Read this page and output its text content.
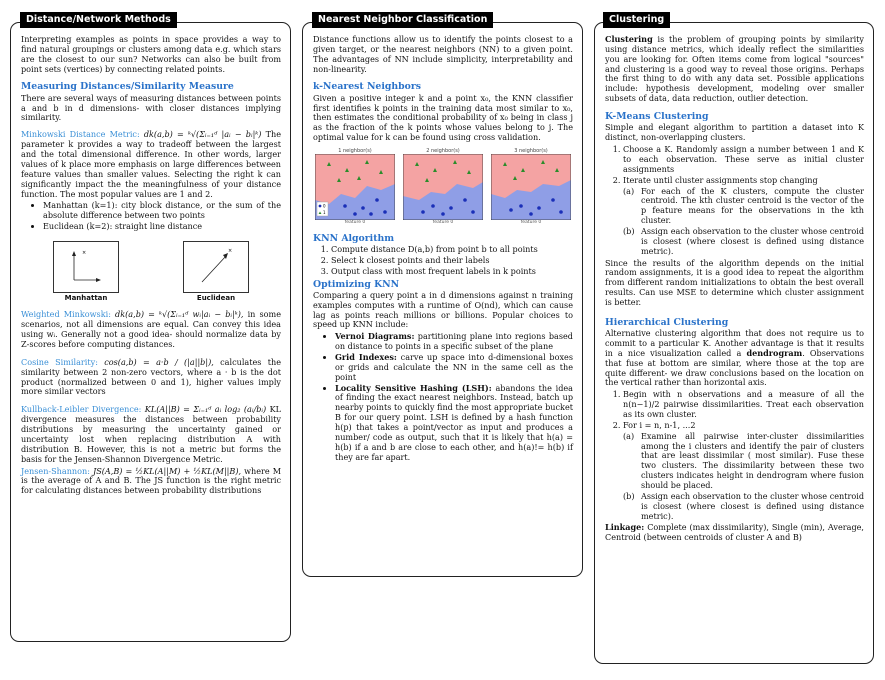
Distance/Network Methods

Interpreting examples as points in space provides a way to find natural groupings or clusters among data e.g. which stars are the closest to our sun? Networks can also be built from point sets (vertices) by connecting related points.

Measuring Distances/Similarity Measure

There are several ways of measuring distances between points a and b in d dimensions- with closer distances implying similarity.

Minkowski Distance Metric: dk(a,b) = ᵏ√(Σᵢ₌₁ᵈ |aᵢ − bᵢ|ᵏ) The parameter k provides a way to tradeoff between the largest and the total dimensional difference. In other words, larger values of k place more emphasis on large differences between feature values than smaller values. Selecting the right k can significantly impact the the meaningfulness of your distance function. The most popular values are 1 and 2.

• Manhattan (k=1): city block distance, or the sum of the absolute difference between two points
• Euclidean (k=2): straight line distance
×
Manhattan
×
Euclidean

Weighted Minkowski: dk(a,b) = ᵏ√(Σᵢ₌₁ᵈ wᵢ|aᵢ − bᵢ|ᵏ), in some scenarios, not all dimensions are equal. Can convey this idea using wᵢ. Generally not a good idea- should normalize data by Z-scores before computing distances.

Cosine Similarity: cos(a,b) = a·b / (|a||b|), calculates the similarity between 2 non-zero vectors, where a · b is the dot product (normalized between 0 and 1), higher values imply more similar vectors

Kullback-Leibler Divergence: KL(A||B) = Σᵢ₌₁ᵈ aᵢ log₂ (aᵢ/bᵢ) KL divergence measures the distances between probability distributions by measuring the uncertainty gained or uncertainty lost when replacing distribution A with distribution B. However, this is not a metric but forms the basis for the Jensen-Shannon Divergence Metric.

Jensen-Shannon: JS(A,B) = ½KL(A||M) + ½KL(M||B), where M is the average of A and B. The JS function is the right metric for calculating distances between probability distributions

Nearest Neighbor Classification

Distance functions allow us to identify the points closest to a given target, or the nearest neighbors (NN) to a given point. The advantages of NN include simplicity, interpretability and non-linearity.

k-Nearest Neighbors

Given a positive integer k and a point x₀, the KNN classifier first identifies k points in the training data most similar to x₀, then estimates the conditional probability of x₀ being in class j as the fraction of the k points whose values belong to j. The optimal value for k can be found using cross validation.

1 neighbor(s)
0
1
feature 0
2 neighbor(s)
feature 0
3 neighbor(s)
feature 0
KNN Algorithm
1. Compute distance D(a,b) from point b to all points
2. Select k closest points and their labels
3. Output class with most frequent labels in k points
Optimizing KNN

Comparing a query point a in d dimensions against n training examples computes with a runtime of O(nd), which can cause lag as points reach millions or billions. Popular choices to speed up KNN include:

• Vernoi Diagrams: partitioning plane into regions based on distance to points in a specific subset of the plane
• Grid Indexes: carve up space into d-dimensional boxes or grids and calculate the NN in the same cell as the point
• Locality Sensitive Hashing (LSH): abandons the idea of finding the exact nearest neighbors. Instead, batch up nearby points to quickly find the most appropriate bucket B for our query point. LSH is defined by a hash function h(p) that takes a point/vector as input and produces a number/ code as output, such that it is likely that h(a) = h(b) if a and b are close to each other, and h(a)!= h(b) if they are far apart.
Clustering

Clustering is the problem of grouping points by similarity using distance metrics, which ideally reflect the similarities you are looking for. Often items come from logical "sources" and clustering is a good way to reveal those origins. Perhaps the first thing to do with any data set. Possible applications include: hypothesis development, modeling over smaller subsets of data, data reduction, outlier detection.

K-Means Clustering

Simple and elegant algorithm to partition a dataset into K distinct, non-overlapping clusters.

1. Choose a K. Randomly assign a number between 1 and K to each observation. These serve as initial cluster assignments
2. Iterate until cluster assignments stop changing
(a) For each of the K clusters, compute the cluster centroid. The kth cluster centroid is the vector of the p feature means for the observations in the kth cluster.
(b) Assign each observation to the cluster whose centroid is closest (where closest is defined using distance metric).

Since the results of the algorithm depends on the initial random assignments, it is a good idea to repeat the algorithm from different random initializations to obtain the best overall results. Can use MSE to determine which cluster assignment is better.

Hierarchical Clustering

Alternative clustering algorithm that does not require us to commit to a particular K. Another advantage is that it results in a nice visualization called a dendrogram. Observations that fuse at bottom are similar, where those at the top are quite different- we draw conclusions based on the location on the vertical rather than horizontal axis.

1. Begin with n observations and a measure of all the n(n−1)/2 pairwise dissimilarities. Treat each observation as its own cluster.
2. For i = n, n-1, ...2
(a) Examine all pairwise inter-cluster dissimilarities among the i clusters and identify the pair of clusters that are least dissimilar ( most similar). Fuse these two clusters. The dissimilarity between these two clusters indicates height in dendrogram where fusion should be placed.
(b) Assign each observation to the cluster whose centroid is closest (where closest is defined using distance metric).

Linkage: Complete (max dissimilarity), Single (min), Average, Centroid (between centroids of cluster A and B)
